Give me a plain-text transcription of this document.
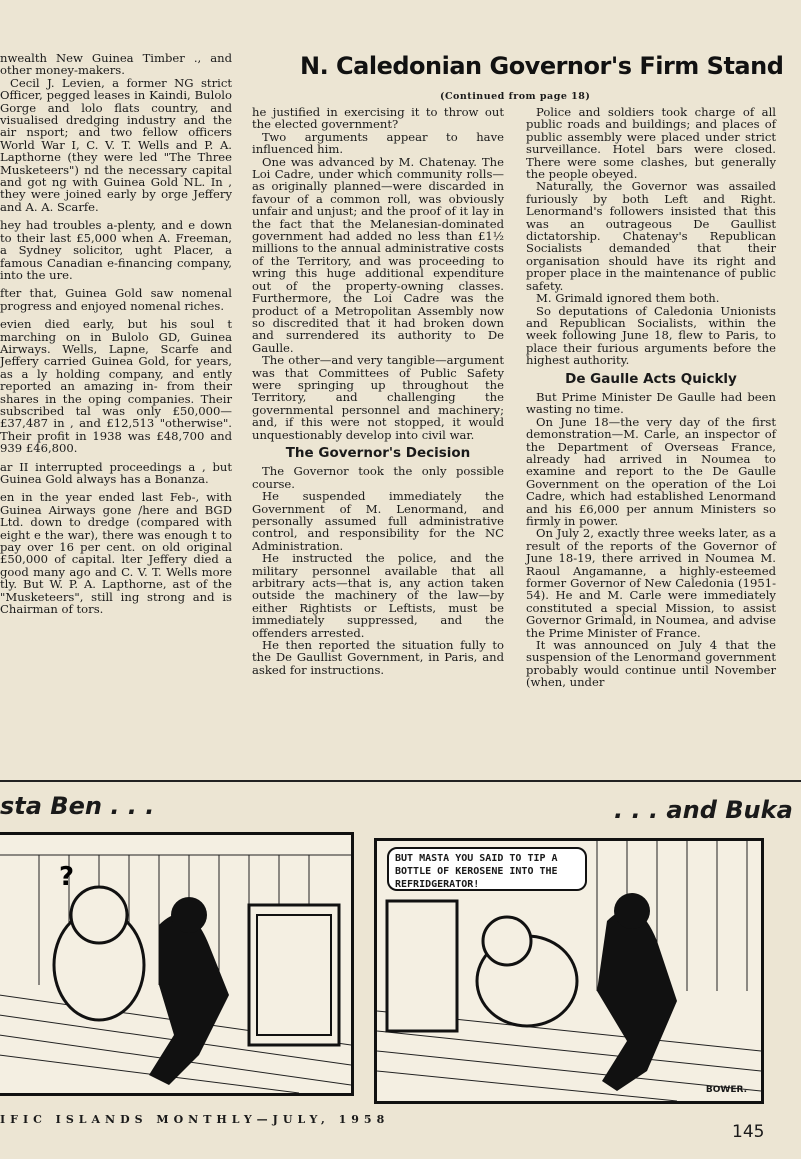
nwealth New Guinea Timber ., and other money-makers.

Cecil J. Levien, a former NG strict Officer, pegged leases in Kaindi, Bulolo Gorge and lolo flats country, and visualised dredging industry and the air nsport; and two fellow officers World War I, C. V. T. Wells and P. A. Lapthorne (they were led "The Three Musketeers") nd the necessary capital and got ng with Guinea Gold NL. In , they were joined early by orge Jeffery and A. A. Scarfe.

hey had troubles a-plenty, and e down to their last £5,000 when A. Freeman, a Sydney solicitor, ught Placer, a famous Canadian e-financing company, into the ure.

fter that, Guinea Gold saw nomenal progress and enjoyed nomenal riches.

evien died early, but his soul t marching on in Bulolo GD, Guinea Airways. Wells, Lapne, Scarfe and Jeffery carried Guinea Gold, for years, as a ly holding company, and ently reported an amazing in- from their shares in the oping companies. Their subscribed tal was only £50,000—£37,487 in , and £12,513 "otherwise". Their profit in 1938 was £48,700 and 939 £46,800.

ar II interrupted proceedings a , but Guinea Gold always has a Bonanza.

en in the year ended last Feb-, with Guinea Airways gone /here and BGD Ltd. down to dredge (compared with eight e the war), there was enough t to pay over 16 per cent. on old original £50,000 of capital. lter Jeffery died a good many ago and C. V. T. Wells more tly. But W. P. A. Lapthorne, ast of the "Musketeers", still ing strong and is Chairman of tors.

N. Caledonian Governor's Firm Stand
(Continued from page 18)

he justified in exercising it to throw out the elected government?

Two arguments appear to have influenced him.

One was advanced by M. Chatenay. The Loi Cadre, under which community rolls—as originally planned—were discarded in favour of a common roll, was obviously unfair and unjust; and the proof of it lay in the fact that the Melanesian-dominated government had added no less than £1½ millions to the annual administrative costs of the Territory, and was proceeding to wring this huge additional expenditure out of the property-owning classes. Furthermore, the Loi Cadre was the product of a Metropolitan Assembly now so discredited that it had broken down and surrendered its authority to De Gaulle.

The other—and very tangible—argument was that Committees of Public Safety were springing up throughout the Territory, and challenging the governmental personnel and machinery; and, if this were not stopped, it would unquestionably develop into civil war.

The Governor's Decision

The Governor took the only possible course.

He suspended immediately the Government of M. Lenormand, and personally assumed full administrative control, and responsibility for the NC Administration.

He instructed the police, and the military personnel available that all arbitrary acts—that is, any action taken outside the machinery of the law—by either Rightists or Leftists, must be immediately suppressed, and the offenders arrested.

He then reported the situation fully to the De Gaullist Government, in Paris, and asked for instructions.

Police and soldiers took charge of all public roads and buildings; and places of public assembly were placed under strict surveillance. Hotel bars were closed. There were some clashes, but generally the people obeyed.

Naturally, the Governor was assailed furiously by both Left and Right. Lenormand's followers insisted that this was an outrageous De Gaullist dictatorship. Chatenay's Republican Socialists demanded that their organisation should have its right and proper place in the maintenance of public safety.

M. Grimald ignored them both.

So deputations of Caledonia Unionists and Republican Socialists, within the week following June 18, flew to Paris, to place their furious arguments before the highest authority.

De Gaulle Acts Quickly

But Prime Minister De Gaulle had been wasting no time.

On June 18—the very day of the first demonstration—M. Carle, an inspector of the Department of Overseas France, already had arrived in Noumea to examine and report to the De Gaulle Government on the operation of the Loi Cadre, which had established Lenormand and his £6,000 per annum Ministers so firmly in power.

On July 2, exactly three weeks later, as a result of the reports of the Governor of June 18-19, there arrived in Noumea M. Raoul Angamanne, a highly-esteemed former Governor of New Caledonia (1951-54). He and M. Carle were immediately constituted a special Mission, to assist Governor Grimald, in Noumea, and advise the Prime Minister of France.

It was announced on July 4 that the suspension of the Lenormand government probably would continue until November (when, under

sta Ben . . .	. . . and Buka
?
BUT MASTA YOU SAID TO TIP A BOTTLE OF KEROSENE INTO THE REFRIDGERATOR!
BOWER.
IFIC ISLANDS MONTHLY—JULY, 1958
145
